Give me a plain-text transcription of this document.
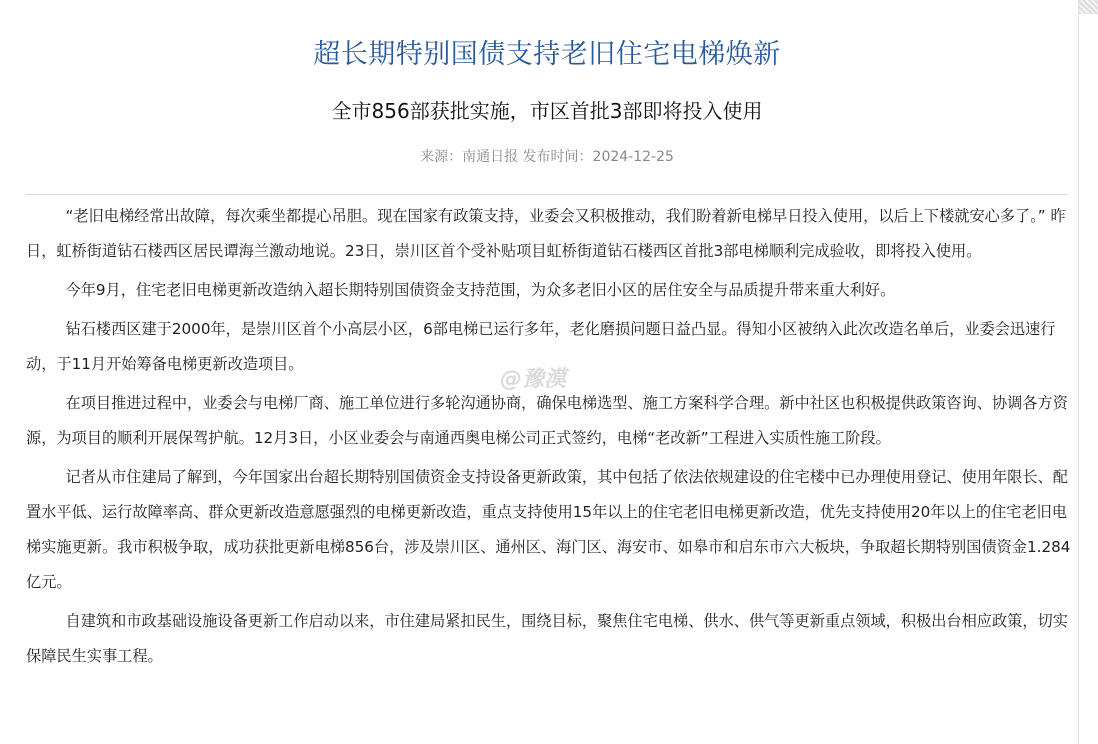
超长期特别国债支持老旧住宅电梯焕新
全市856部获批实施，市区首批3部即将投入使用
来源：南通日报 发布时间：2024-12-25

“老旧电梯经常出故障，每次乘坐都提心吊胆。现在国家有政策支持，业委会又积极推动，我们盼着新电梯早日投入使用，以后上下楼就安心多了。” 昨日，虹桥街道钻石楼西区居民谭海兰激动地说。23日，崇川区首个受补贴项目虹桥街道钻石楼西区首批3部电梯顺利完成验收，即将投入使用。

今年9月，住宅老旧电梯更新改造纳入超长期特别国债资金支持范围，为众多老旧小区的居住安全与品质提升带来重大利好。

钻石楼西区建于2000年，是崇川区首个小高层小区，6部电梯已运行多年，老化磨损问题日益凸显。得知小区被纳入此次改造名单后，业委会迅速行动，于11月开始筹备电梯更新改造项目。

在项目推进过程中，业委会与电梯厂商、施工单位进行多轮沟通协商，确保电梯选型、施工方案科学合理。新中社区也积极提供政策咨询、协调各方资源，为项目的顺利开展保驾护航。12月3日，小区业委会与南通西奥电梯公司正式签约，电梯“老改新”工程进入实质性施工阶段。

记者从市住建局了解到，今年国家出台超长期特别国债资金支持设备更新政策，其中包括了依法依规建设的住宅楼中已办理使用登记、使用年限长、配置水平低、运行故障率高、群众更新改造意愿强烈的电梯更新改造，重点支持使用15年以上的住宅老旧电梯更新改造，优先支持使用20年以上的住宅老旧电梯实施更新。我市积极争取，成功获批更新电梯856台，涉及崇川区、通州区、海门区、海安市、如皋市和启东市六大板块，争取超长期特别国债资金1.284亿元。

自建筑和市政基础设施设备更新工作启动以来，市住建局紧扣民生，围绕目标，聚焦住宅电梯、供水、供气等更新重点领域，积极出台相应政策，切实保障民生实事工程。

@豫漠
